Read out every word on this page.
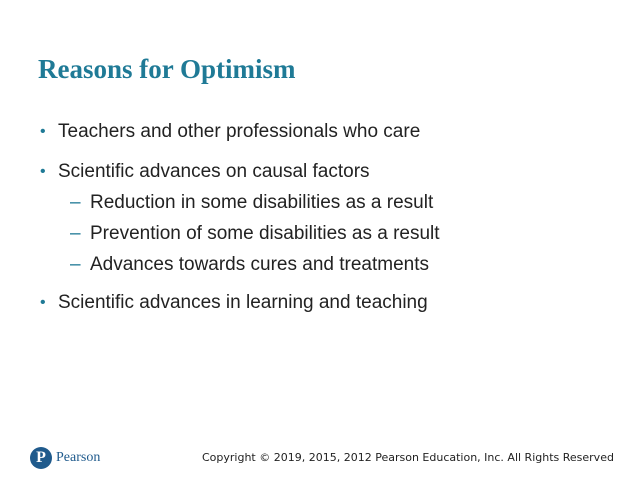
Reasons for Optimism
• Teachers and other professionals who care
• Scientific advances on causal factors
– Reduction in some disabilities as a result
– Prevention of some disabilities as a result
– Advances towards cures and treatments
• Scientific advances in learning and teaching
P Pearson	Copyright © 2019, 2015, 2012 Pearson Education, Inc. All Rights Reserved
